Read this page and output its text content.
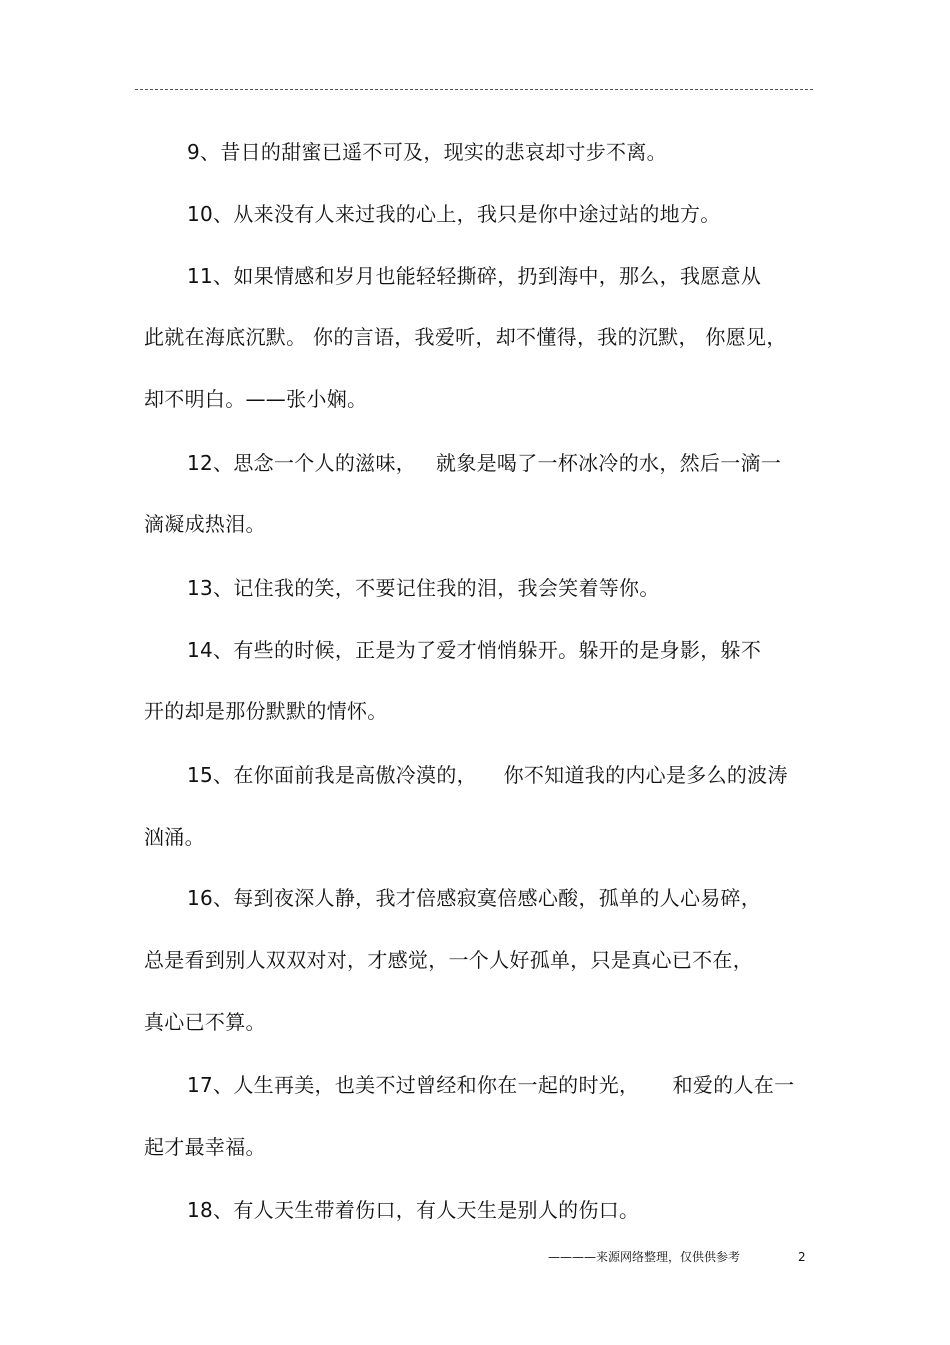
9、昔日的甜蜜已遥不可及，现实的悲哀却寸步不离。
10、从来没有人来过我的心上，我只是你中途过站的地方。
11、如果情感和岁月也能轻轻撕碎，扔到海中，那么，我愿意从
此就在海底沉默。 你的言语，我爱听，却不懂得，我的沉默， 你愿见，
却不明白。——张小娴。
12、思念一个人的滋味，   就象是喝了一杯冰冷的水，然后一滴一
滴凝成热泪。
13、记住我的笑，不要记住我的泪，我会笑着等你。
14、有些的时候，正是为了爱才悄悄躲开。躲开的是身影，躲不
开的却是那份默默的情怀。
15、在你面前我是高傲冷漠的，    你不知道我的内心是多么的波涛
汹涌。
16、每到夜深人静，我才倍感寂寞倍感心酸，孤单的人心易碎，
总是看到别人双双对对，才感觉，一个人好孤单，只是真心已不在，
真心已不算。
17、人生再美，也美不过曾经和你在一起的时光，     和爱的人在一
起才最幸福。
18、有人天生带着伤口，有人天生是别人的伤口。
————来源网络整理，仅供供参考	2
